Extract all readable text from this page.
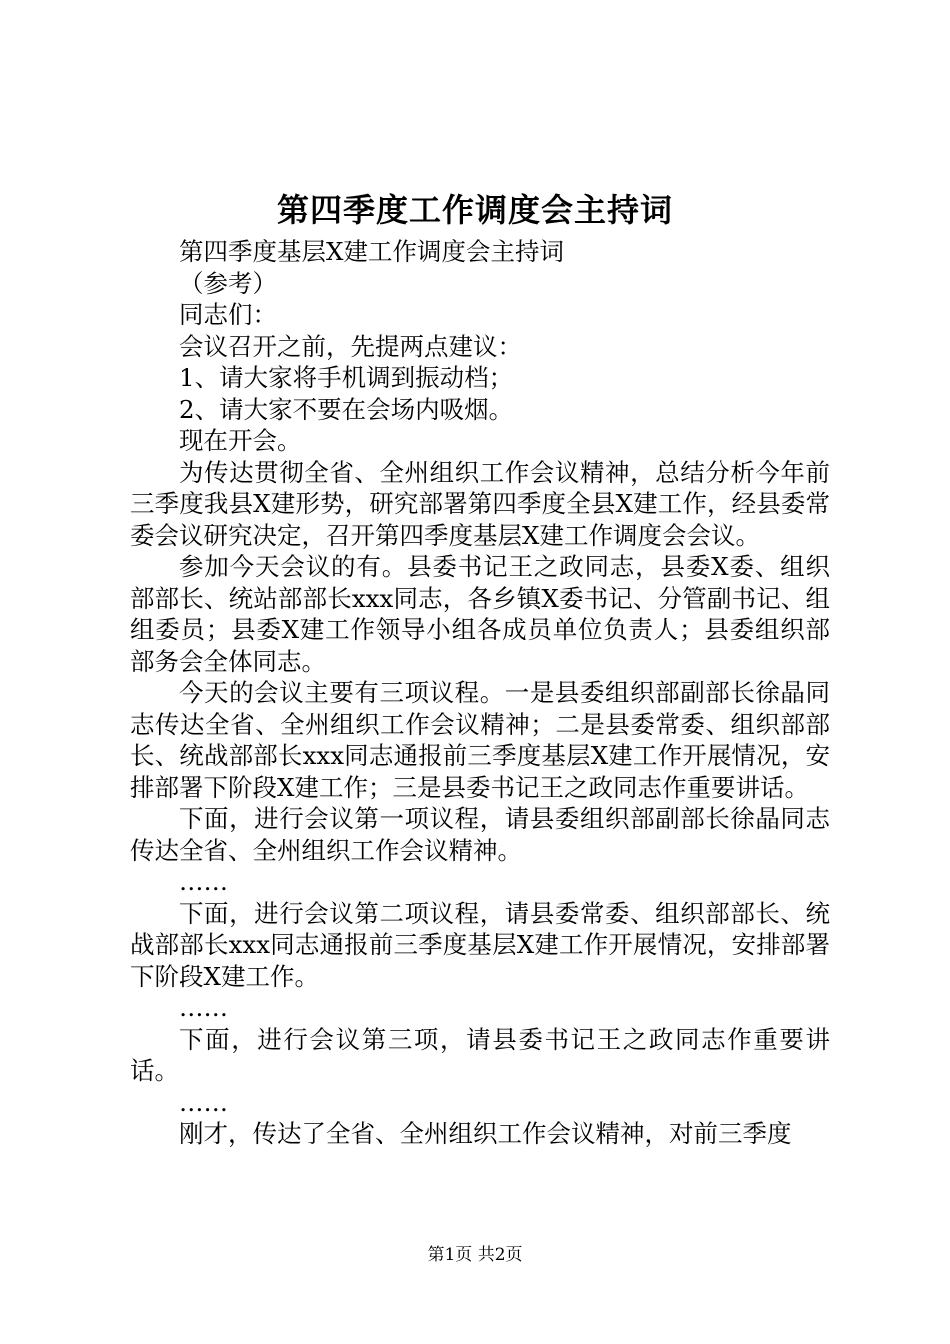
第四季度工作调度会主持词

第四季度基层X建工作调度会主持词

（参考）

同志们：

会议召开之前，先提两点建议：

1、请大家将手机调到振动档；

2、请大家不要在会场内吸烟。

现在开会。

为传达贯彻全省、全州组织工作会议精神，总结分析今年前三季度我县X建形势，研究部署第四季度全县X建工作，经县委常委会议研究决定，召开第四季度基层X建工作调度会会议。

参加今天会议的有。县委书记王之政同志，县委X委、组织部部长、统站部部长xxx同志，各乡镇X委书记、分管副书记、组组委员；县委X建工作领导小组各成员单位负责人；县委组织部部务会全体同志。

今天的会议主要有三项议程。一是县委组织部副部长徐晶同志传达全省、全州组织工作会议精神；二是县委常委、组织部部长、统战部部长xxx同志通报前三季度基层X建工作开展情况，安排部署下阶段X建工作；三是县委书记王之政同志作重要讲话。

下面，进行会议第一项议程，请县委组织部副部长徐晶同志传达全省、全州组织工作会议精神。

……

下面，进行会议第二项议程，请县委常委、组织部部长、统战部部长xxx同志通报前三季度基层X建工作开展情况，安排部署下阶段X建工作。

……

下面，进行会议第三项，请县委书记王之政同志作重要讲话。

……

刚才，传达了全省、全州组织工作会议精神，对前三季度

第1页 共2页
